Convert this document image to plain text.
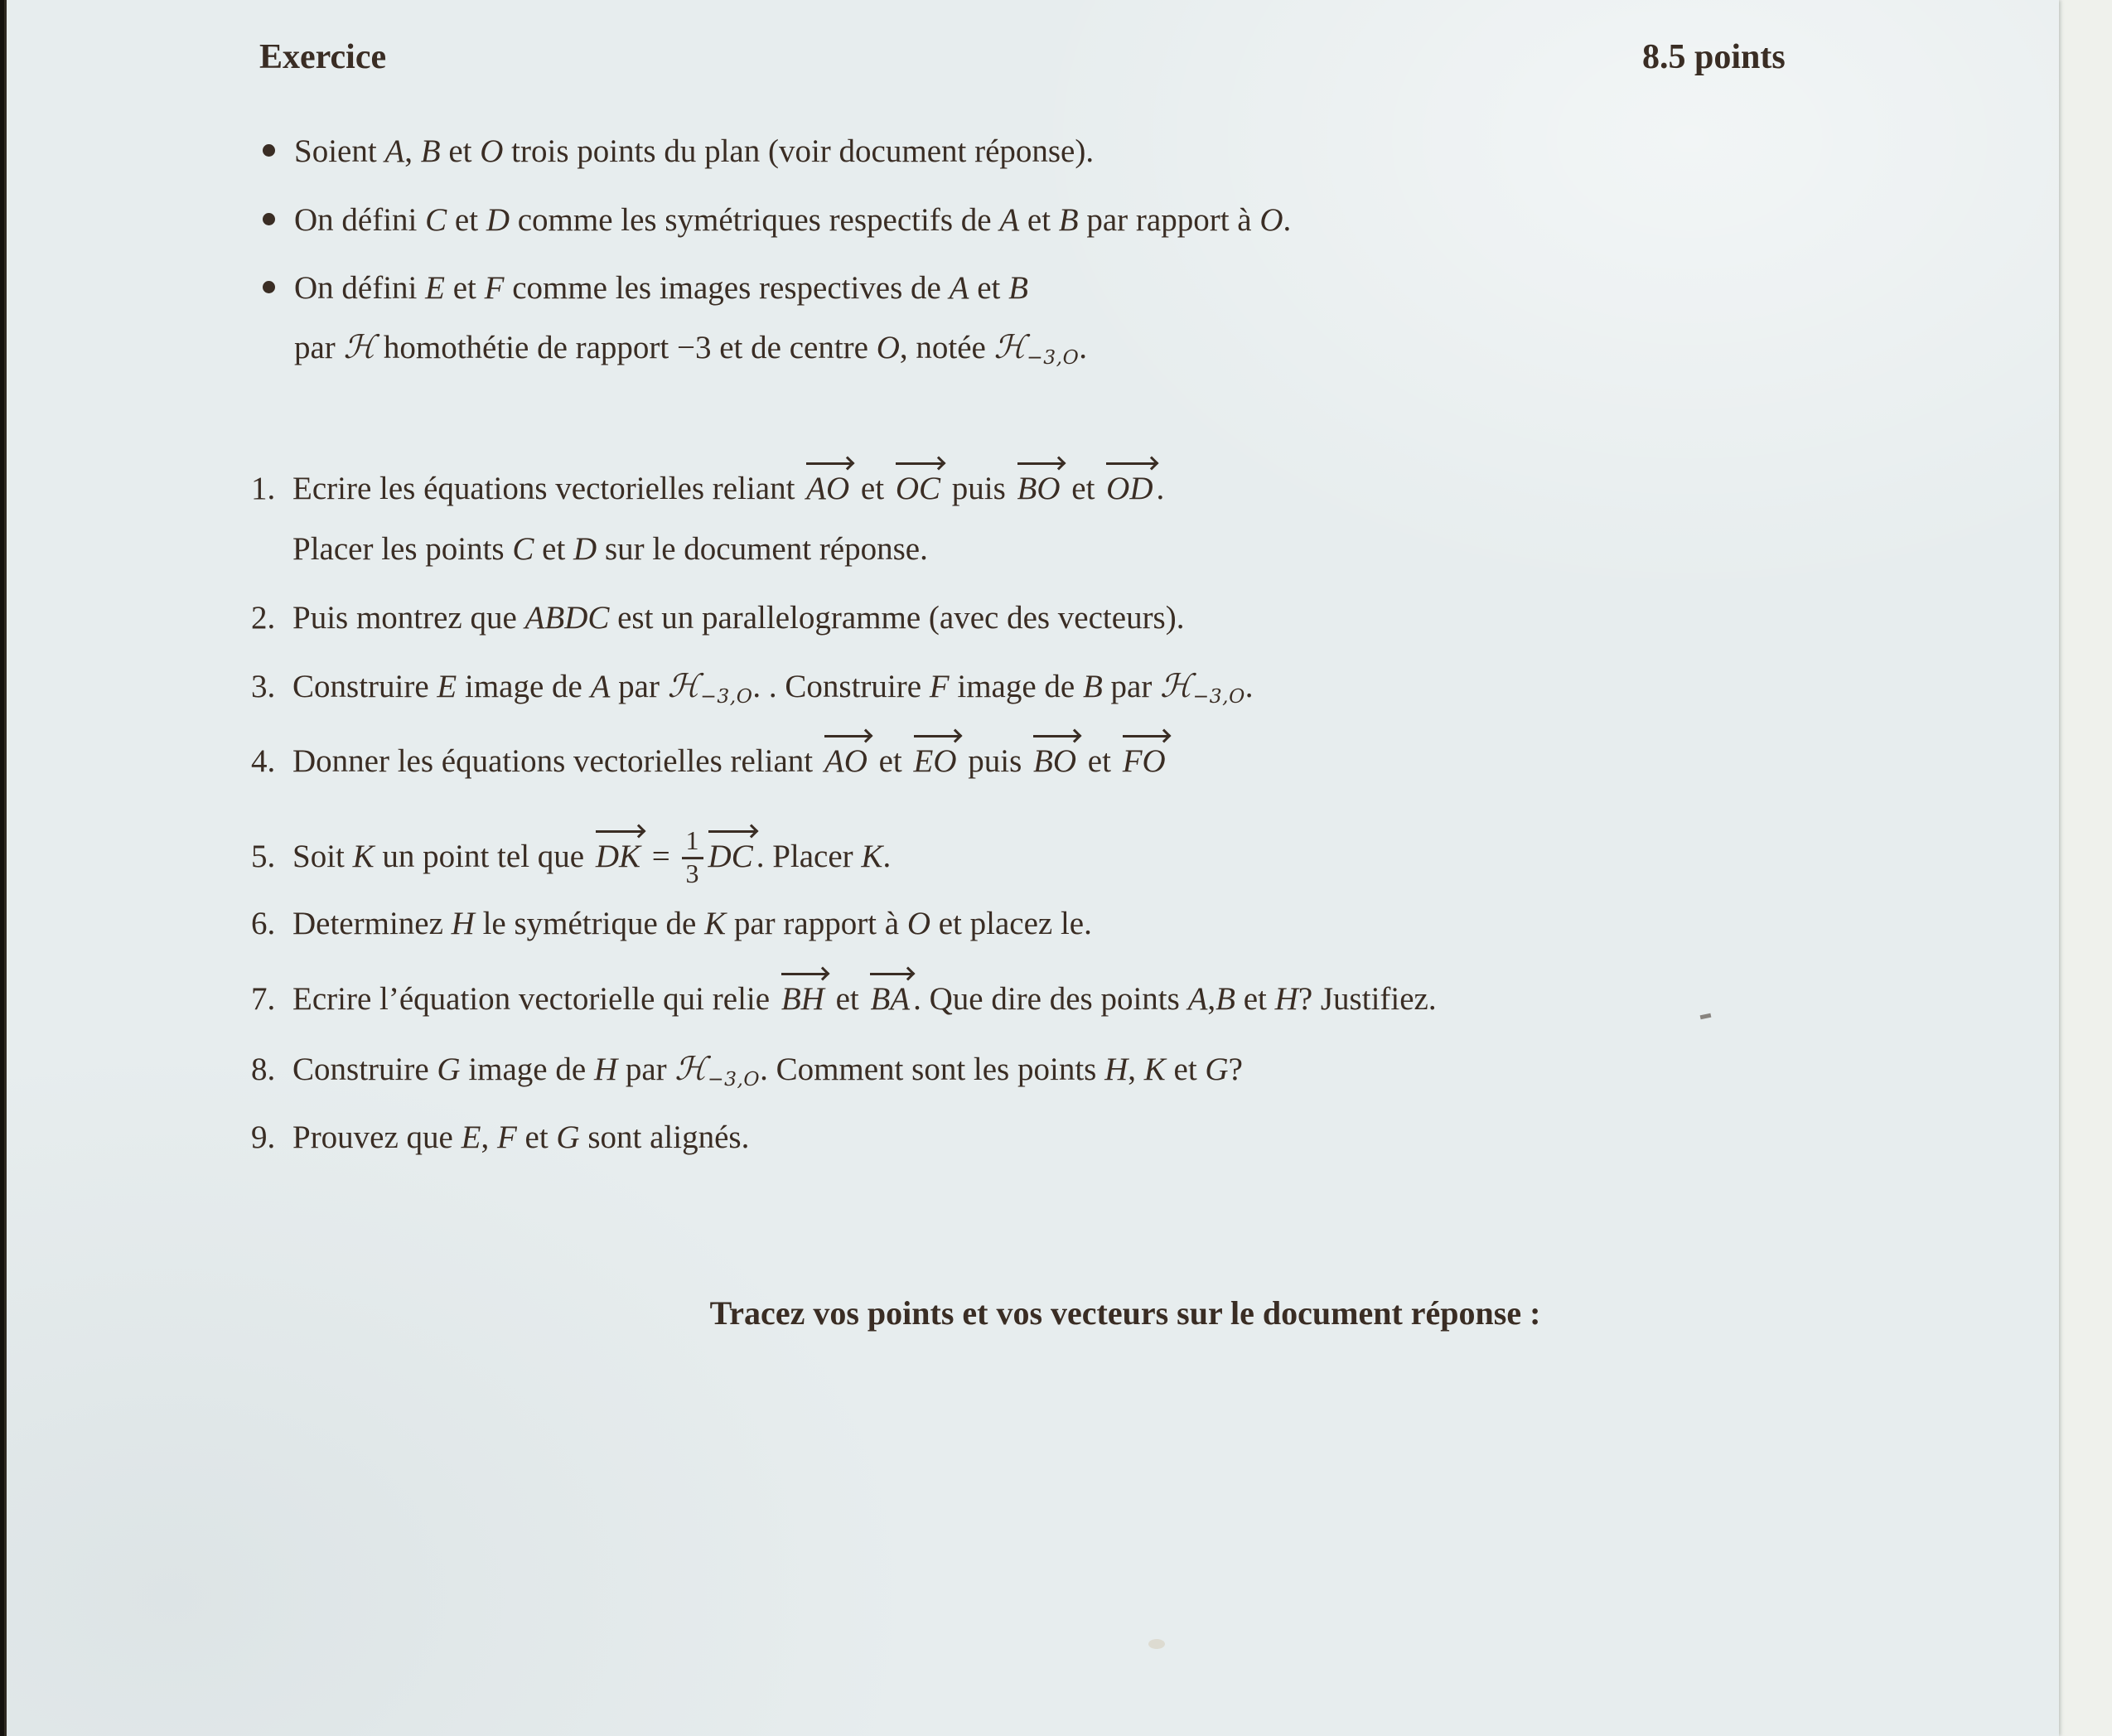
Exercice	8.5 points
Soient A, B et O trois points du plan (voir document réponse).
On défini C et D comme les symétriques respectifs de A et B par rapport à O.
On défini E et F comme les images respectives de A et B
par ℋ homothétie de rapport −3 et de centre O, notée ℋ$_{-3,O}$.
1. Ecrire les équations vectorielles reliant AO et OC puis BO et OD .
Placer les points C et D sur le document réponse.
2. Puis montrez que ABDC est un parallelogramme (avec des vecteurs).
3. Construire E image de A par ℋ$_{-3,O}$. . Construire F image de B par ℋ$_{-3,O}$.
4. Donner les équations vectorielles reliant AO et EO puis BO et FO
5. Soit K un point tel que DK = $\frac{1}{3}$ DC . Placer K.
6. Determinez H le symétrique de K par rapport à O et placez le.
7. Ecrire l’équation vectorielle qui relie BH et BA . Que dire des points A,B et H? Justifiez.
8. Construire G image de H par ℋ$_{-3,O}$. Comment sont les points H, K et G?
9. Prouvez que E, F et G sont alignés.
Tracez vos points et vos vecteurs sur le document réponse :
